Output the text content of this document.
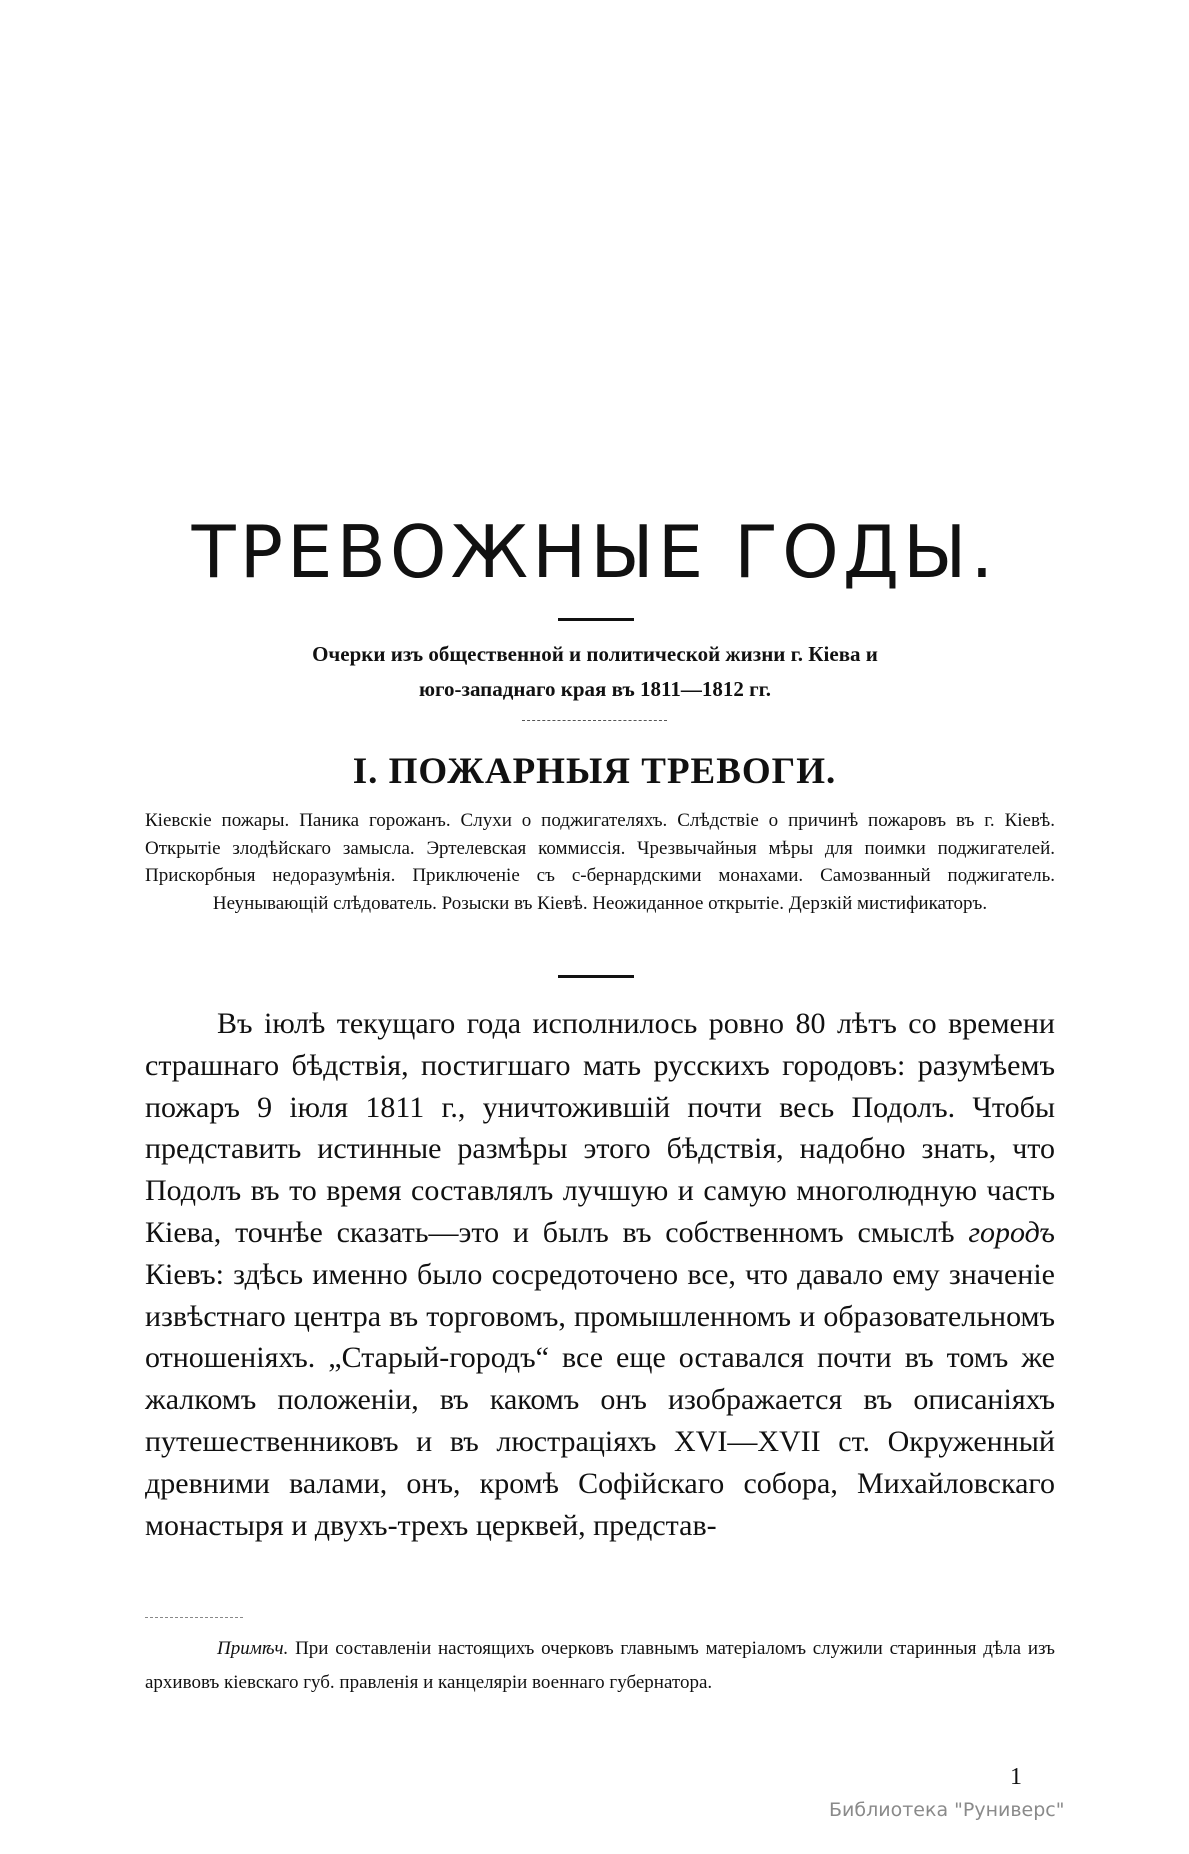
ТРЕВОЖНЫЕ ГОДЫ.

Очерки изъ общественной и политической жизни г. Кіева и
юго-западнаго края въ 1811—1812 гг.

I. ПОЖАРНЫЯ ТРЕВОГИ.

Кіевскіе пожары. Паника горожанъ. Слухи о поджигателяхъ. Слѣдствіе о причинѣ пожаровъ въ г. Кіевѣ. Открытіе злодѣйскаго замысла. Эртелевская коммиссія. Чрезвычайныя мѣры для поимки поджигателей. Прискорбныя недоразумѣнія. Приключеніе съ с-бернардскими монахами. Самозванный поджигатель. Неунывающій слѣдователь. Розыски въ Кіевѣ. Неожиданное открытіе. Дерзкій мистификаторъ.

Въ іюлѣ текущаго года исполнилось ровно 80 лѣтъ со времени страшнаго бѣдствія, постигшаго мать русскихъ городовъ: разумѣемъ пожаръ 9 іюля 1811 г., уничтожившій почти весь Подолъ. Чтобы представить истинные размѣры этого бѣдствія, надобно знать, что Подолъ въ то время составлялъ лучшую и самую многолюдную часть Кіева, точнѣе сказать—это и былъ въ собственномъ смыслѣ городъ Кіевъ: здѣсь именно было сосредоточено все, что давало ему значеніе извѣстнаго центра въ торговомъ, промышленномъ и образовательномъ отношеніяхъ. „Старый-городъ“ все еще оставался почти въ томъ же жалкомъ положеніи, въ какомъ онъ изображается въ описаніяхъ путешественниковъ и въ люстраціяхъ XVI—XVII ст. Окруженный древними валами, онъ, кромѣ Софійскаго собора, Михайловскаго монастыря и двухъ-трехъ церквей, представ-

Примѣч. При составленіи настоящихъ очерковъ главнымъ матеріаломъ служили старинныя дѣла изъ архивовъ кіевскаго губ. правленія и канцеляріи военнаго губернатора.

1
Библиотека "Руниверс"
